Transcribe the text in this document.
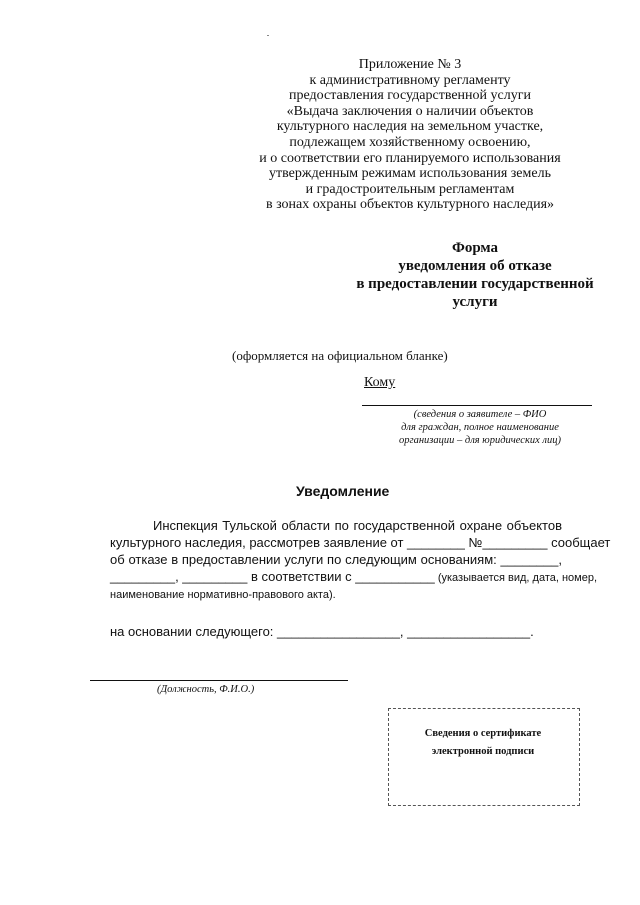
Приложение № 3
к административному регламенту
предоставления государственной услуги
«Выдача заключения о наличии объектов
культурного наследия на земельном участке,
подлежащем хозяйственному освоению,
и о соответствии его планируемого использования
утвержденным режимам использования земель
и градостроительным регламентам
в зонах охраны объектов культурного наследия»
Форма
уведомления об отказе
в предоставлении государственной
услуги
(оформляется на официальном бланке)
Кому
(сведения о заявителе – ФИО
для граждан, полное наименование
организации – для юридических лиц)
Уведомление
Инспекция Тульской области по государственной охране объектов
культурного наследия, рассмотрев заявление от ________ №_________ сообщает
об отказе в предоставлении услуги по следующим основаниям: ________,
_________, _________ в соответствии с ___________ (указывается вид, дата, номер,
наименование нормативно-правового акта).
на основании следующего: _________________, _________________.
(Должность, Ф.И.О.)
Сведения о сертификате
электронной подписи
